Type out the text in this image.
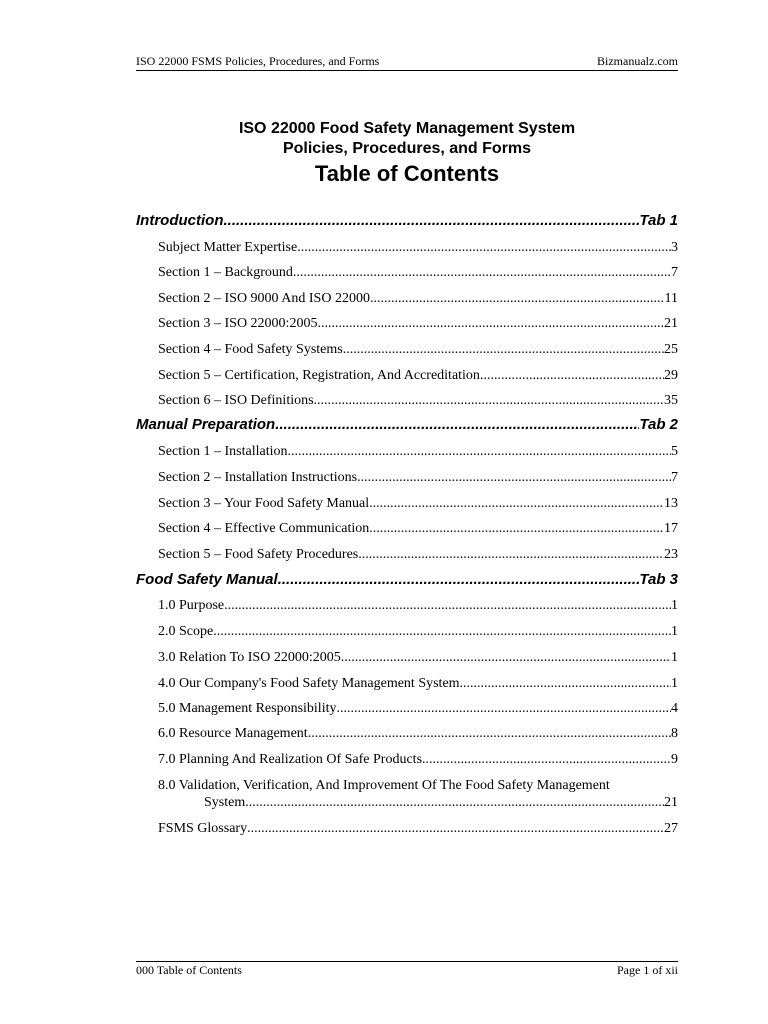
ISO 22000 FSMS Policies, Procedures, and Forms	Bizmanualz.com
ISO 22000 Food Safety Management System
Policies, Procedures, and Forms
Table of Contents
Introduction .....	Tab 1
Subject Matter Expertise .....	3
Section 1 – Background .....	7
Section 2 – ISO 9000 And ISO 22000 .....	11
Section 3 – ISO 22000:2005 .....	21
Section 4 – Food Safety Systems .....	25
Section 5 – Certification, Registration, And Accreditation .....	29
Section 6 – ISO Definitions .....	35
Manual Preparation .....	Tab 2
Section 1 – Installation .....	5
Section 2 – Installation Instructions .....	7
Section 3 – Your Food Safety Manual .....	13
Section 4 – Effective Communication .....	17
Section 5 – Food Safety Procedures .....	23
Food Safety Manual .....	Tab 3
1.0 Purpose .....	1
2.0 Scope .....	1
3.0 Relation To ISO 22000:2005 .....	1
4.0 Our Company's Food Safety Management System .....	1
5.0 Management Responsibility .....	4
6.0 Resource Management .....	8
7.0 Planning And Realization Of Safe Products .....	9
8.0 Validation, Verification, And Improvement Of The Food Safety Management
System .....	21
FSMS Glossary .....	27
000 Table of Contents	Page 1 of xii
